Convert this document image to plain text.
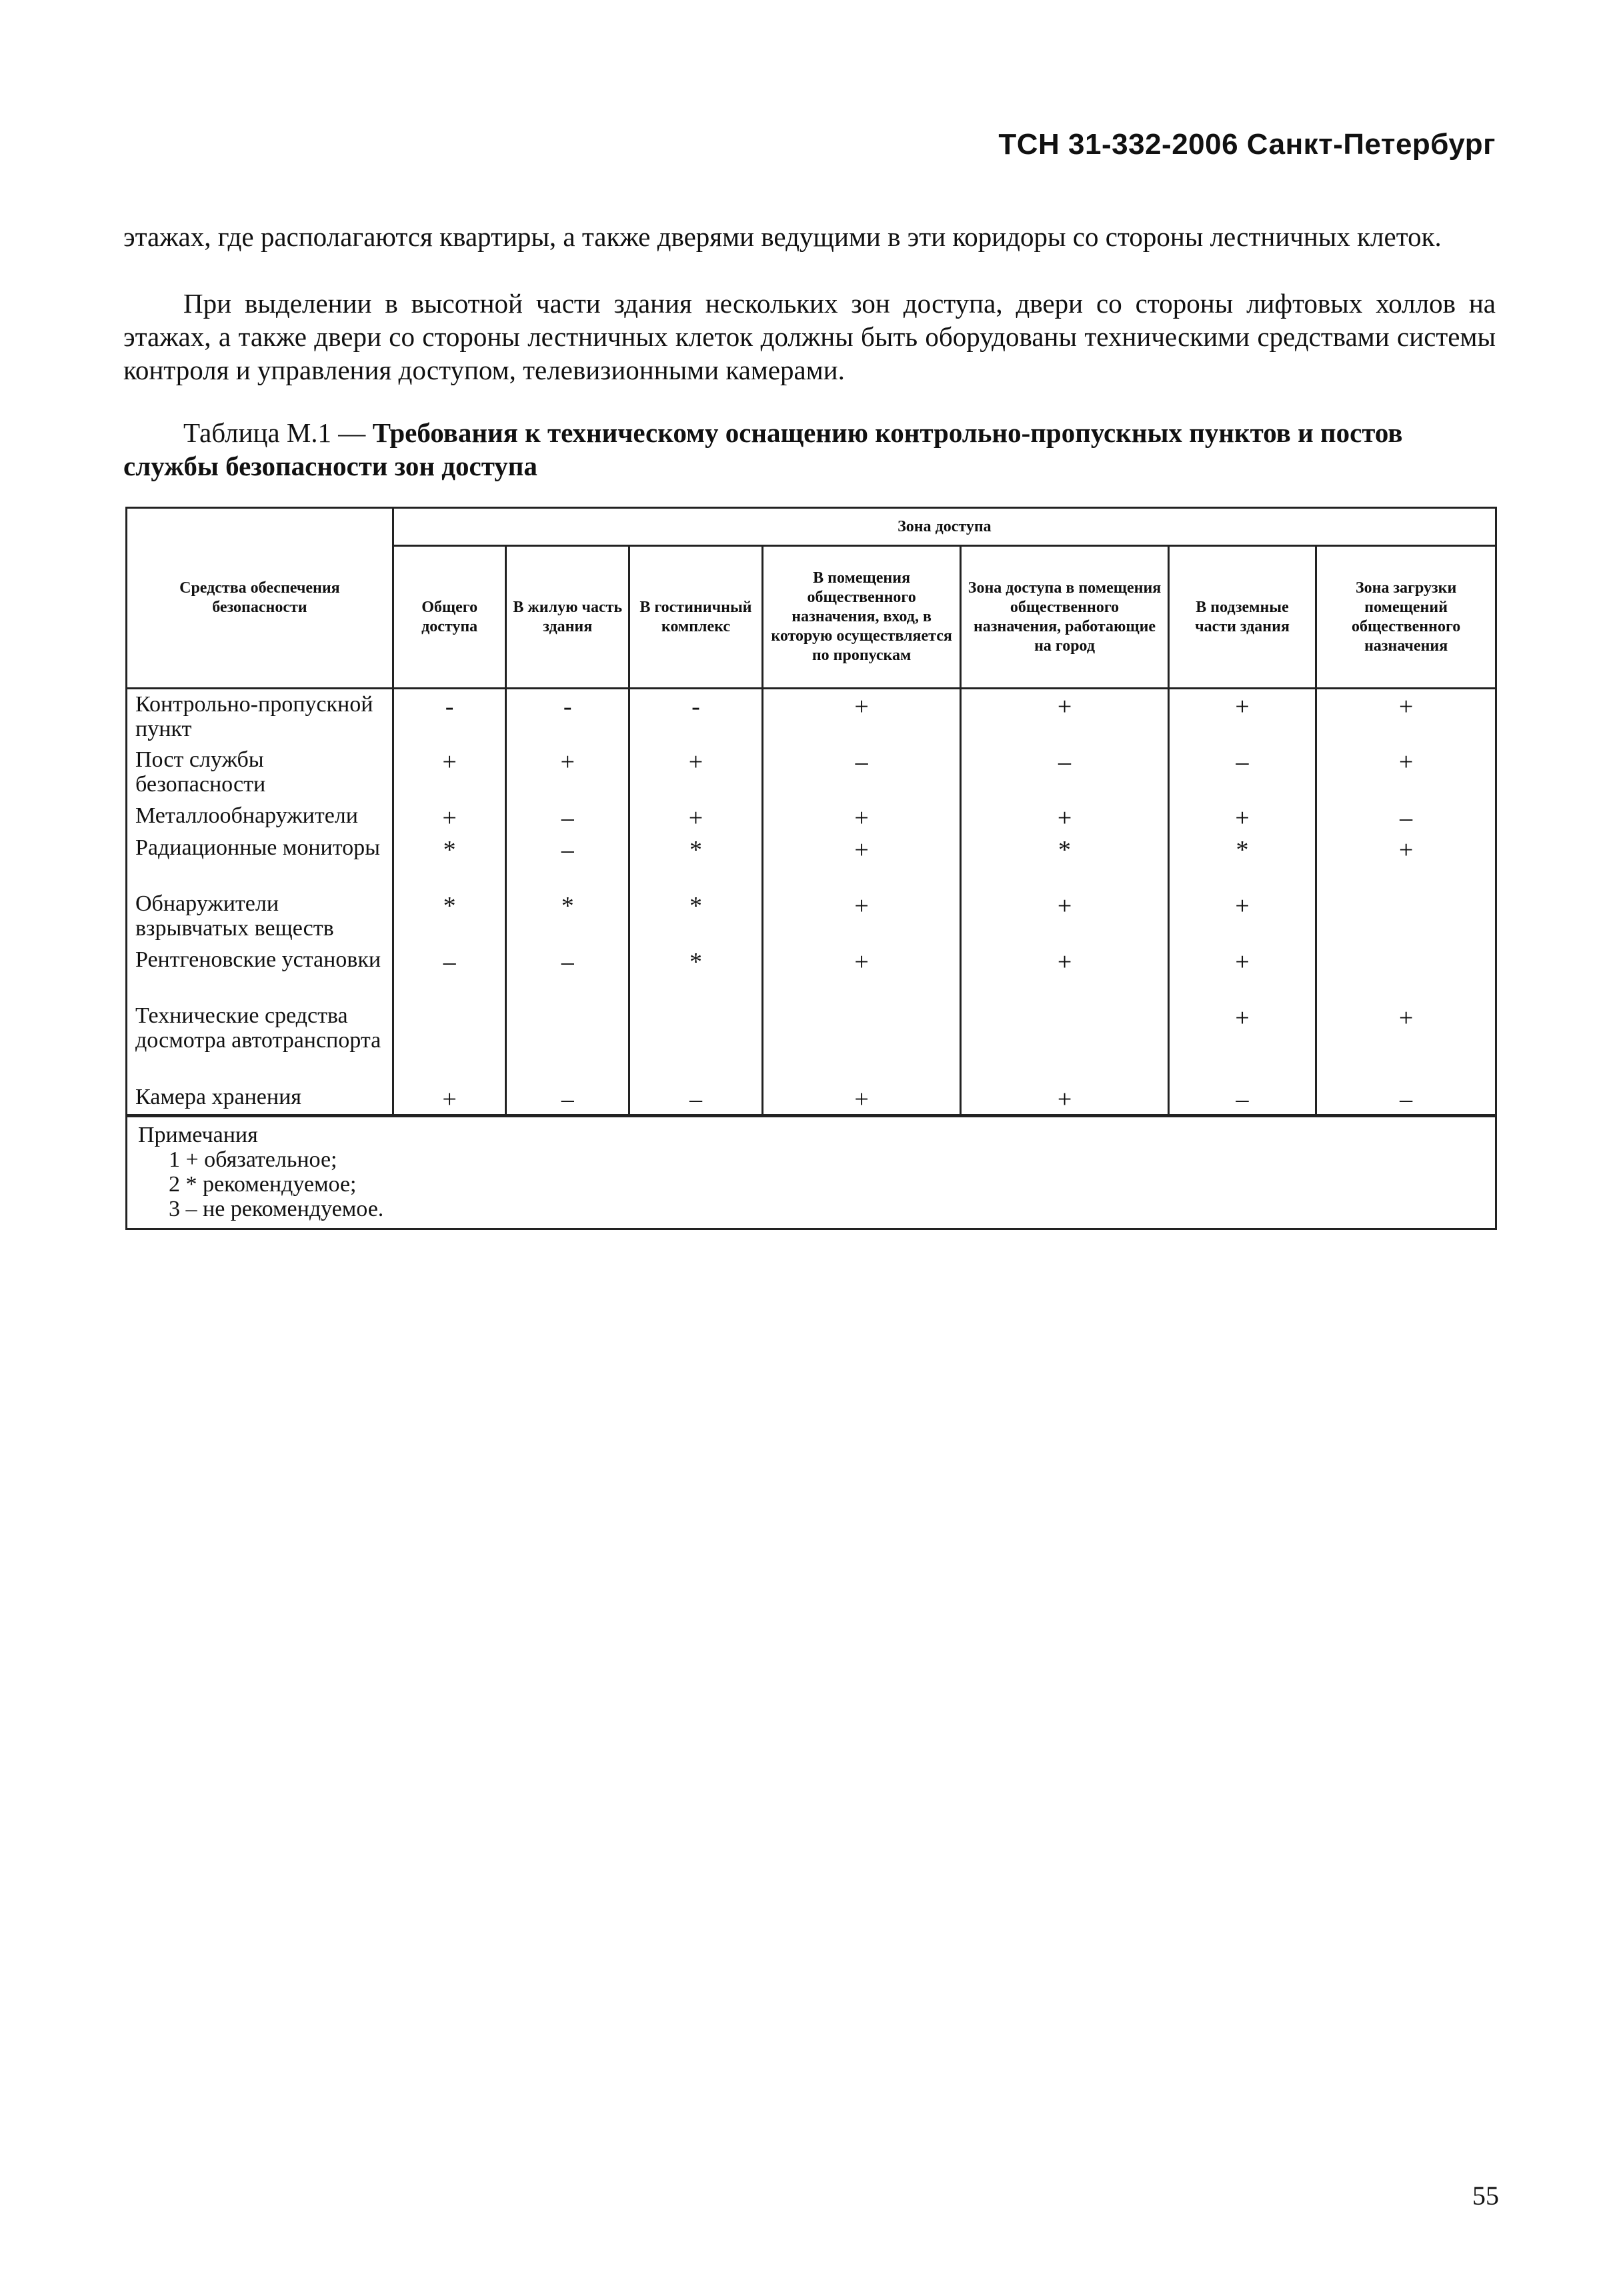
ТСН 31-332-2006 Санкт-Петербург
этажах, где располагаются квартиры, а также дверями ведущими в эти коридоры со стороны лестничных клеток.
При выделении в высотной части здания нескольких зон доступа, двери со стороны лифтовых холлов на этажах, а также двери со стороны лестничных клеток должны быть оборудованы техническими средствами системы контроля и управления доступом, телевизионными камерами.
Таблица М.1 — Требования к техническому оснащению контрольно-пропускных пунктов и постов службы безопасности зон доступа
Средства обеспечения безопасности	Зона доступа						
	Общего доступа	В жилую часть здания	В гостиничный комплекс	В помещения общественного назначения, вход, в которую осуществляется по пропускам	Зона доступа в помещения общественного назначения, работающие на город	В подземные части здания	Зона загрузки помещений общественного назначения
Контрольно-пропускной пункт	-	-	-	+	+	+	+
Пост службы безопасности	+	+	+	–	–	–	+
Металлообнаружители	+	–	+	+	+	+	–
Радиационные мониторы	*	–	*	+	*	*	+
Обнаружители взрывчатых веществ	*	*	*	+	+	+	
Рентгеновские установки	–	–	*	+	+	+	
Технические средства досмотра автотранспорта						+	+
Камера хранения	+	–	–	+	+	–	–

Примечания
1 + обязательное;
2 * рекомендуемое;
3 – не рекомендуемое.							
55
